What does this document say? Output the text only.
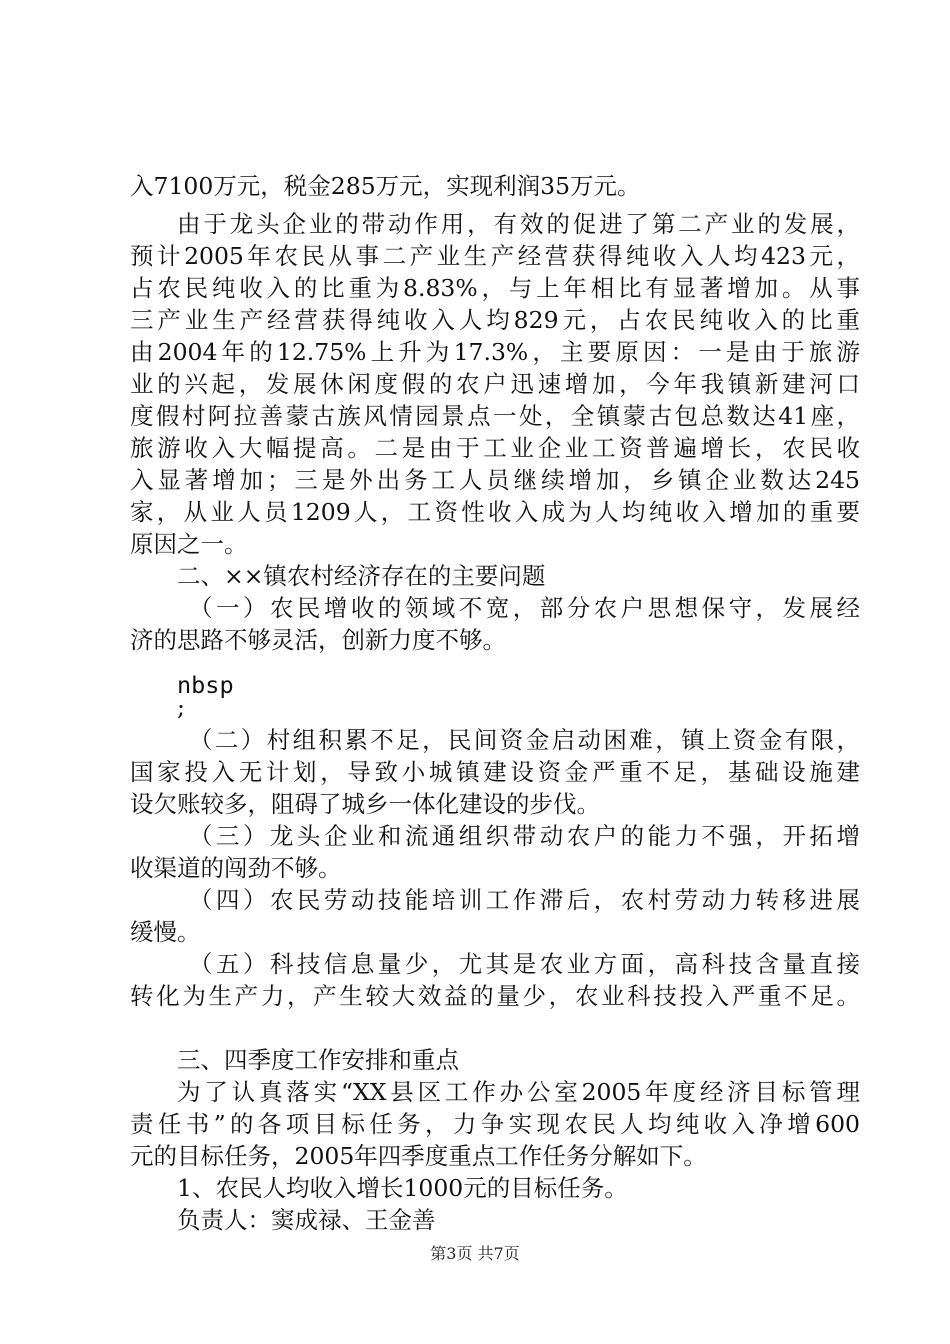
入7100万元，税金285万元，实现利润35万元。
由于龙头企业的带动作用，有效的促进了第二产业的发展，
预计2005年农民从事二产业生产经营获得纯收入人均423元，
占农民纯收入的比重为8.83%，与上年相比有显著增加。从事
三产业生产经营获得纯收入人均829元，占农民纯收入的比重
由2004年的12.75%上升为17.3%，主要原因：一是由于旅游
业的兴起，发展休闲度假的农户迅速增加，今年我镇新建河口
度假村阿拉善蒙古族风情园景点一处，全镇蒙古包总数达41座，
旅游收入大幅提高。二是由于工业企业工资普遍增长，农民收
入显著增加；三是外出务工人员继续增加，乡镇企业数达245
家，从业人员1209人，工资性收入成为人均纯收入增加的重要
原因之一。
二、××镇农村经济存在的主要问题
（一）农民增收的领域不宽，部分农户思想保守，发展经
济的思路不够灵活，创新力度不够。
nbsp
;
（二）村组积累不足，民间资金启动困难，镇上资金有限，
国家投入无计划，导致小城镇建设资金严重不足，基础设施建
设欠账较多，阻碍了城乡一体化建设的步伐。
（三）龙头企业和流通组织带动农户的能力不强，开拓增
收渠道的闯劲不够。
（四）农民劳动技能培训工作滞后，农村劳动力转移进展
缓慢。
（五）科技信息量少，尤其是农业方面，高科技含量直接
转化为生产力，产生较大效益的量少，农业科技投入严重不足。
三、四季度工作安排和重点
为了认真落实“XX县区工作办公室2005年度经济目标管理
责任书”的各项目标任务，力争实现农民人均纯收入净增600
元的目标任务，2005年四季度重点工作任务分解如下。
1、农民人均收入增长1000元的目标任务。
负责人：窦成禄、王金善
第3页 共7页
